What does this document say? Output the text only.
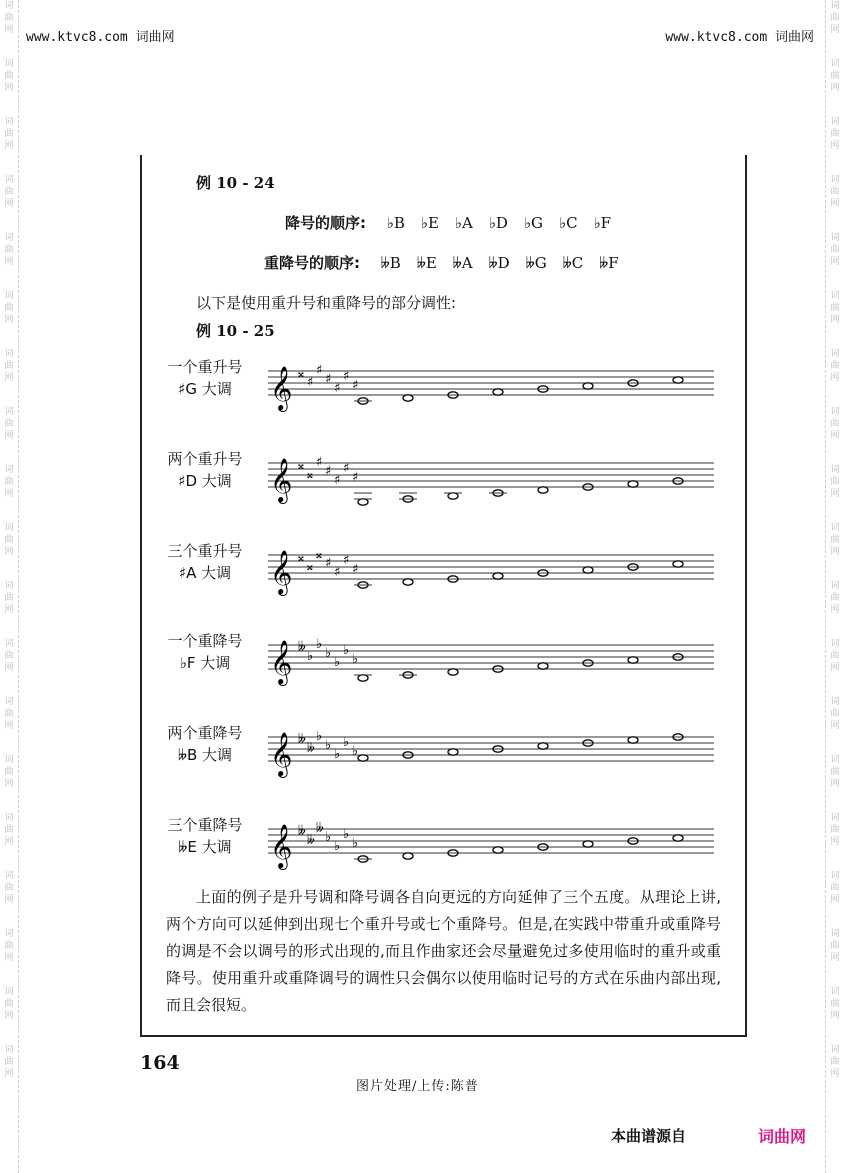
词
曲
网
词
曲
网
词
曲
网
词
曲
网
词
曲
网
词
曲
网
词
曲
网
词
曲
网
词
曲
网
词
曲
网
词
曲
网
词
曲
网
词
曲
网
词
曲
网
词
曲
网
词
曲
网
词
曲
网
词
曲
网
词
曲
网
词
曲
网
词
曲
网
词
曲
网
词
曲
网
词
曲
网
词
曲
网
词
曲
网
词
曲
网
词
曲
网
词
曲
网
词
曲
网
词
曲
网
词
曲
网
词
曲
网
词
曲
网
词
曲
网
词
曲
网
词
曲
网
词
曲
网
www.ktvc8.com 词曲网	www.ktvc8.com 词曲网
例 10 - 24
降号的顺序: ♭B ♭E ♭A ♭D ♭G ♭C ♭F
重降号的顺序: 𝄫B 𝄫E 𝄫A 𝄫D 𝄫G 𝄫C 𝄫F
以下是使用重升号和重降号的部分调性:
例 10 - 25
一个重升号
♯G 大调	𝄞 𝄪
♯
♯
♯
♯
♯
♯
两个重升号
♯D 大调	𝄞 𝄪
𝄪
♯
♯
♯
♯
♯
三个重升号
♯A 大调	𝄞 𝄪
𝄪
𝄪
♯
♯
♯
♯
一个重降号
♭F 大调	𝄞 𝄫
♭
♭
♭
♭
♭
♭
两个重降号
𝄫B 大调 𝄞 𝄫
𝄫
♭
♭
♭
♭
♭
三个重降号
𝄫E 大调	𝄞 𝄫
𝄫
𝄫
♭
♭
♭
♭

上面的例子是升号调和降号调各自向更远的方向延伸了三个五度。从理论上讲,两个方向可以延伸到出现七个重升号或七个重降号。但是,在实践中带重升或重降号的调是不会以调号的形式出现的,而且作曲家还会尽量避免过多使用临时的重升或重降号。使用重升或重降调号的调性只会偶尔以使用临时记号的方式在乐曲内部出现,而且会很短。

164
图片处理/上传:陈普
本曲谱源自	词曲网
